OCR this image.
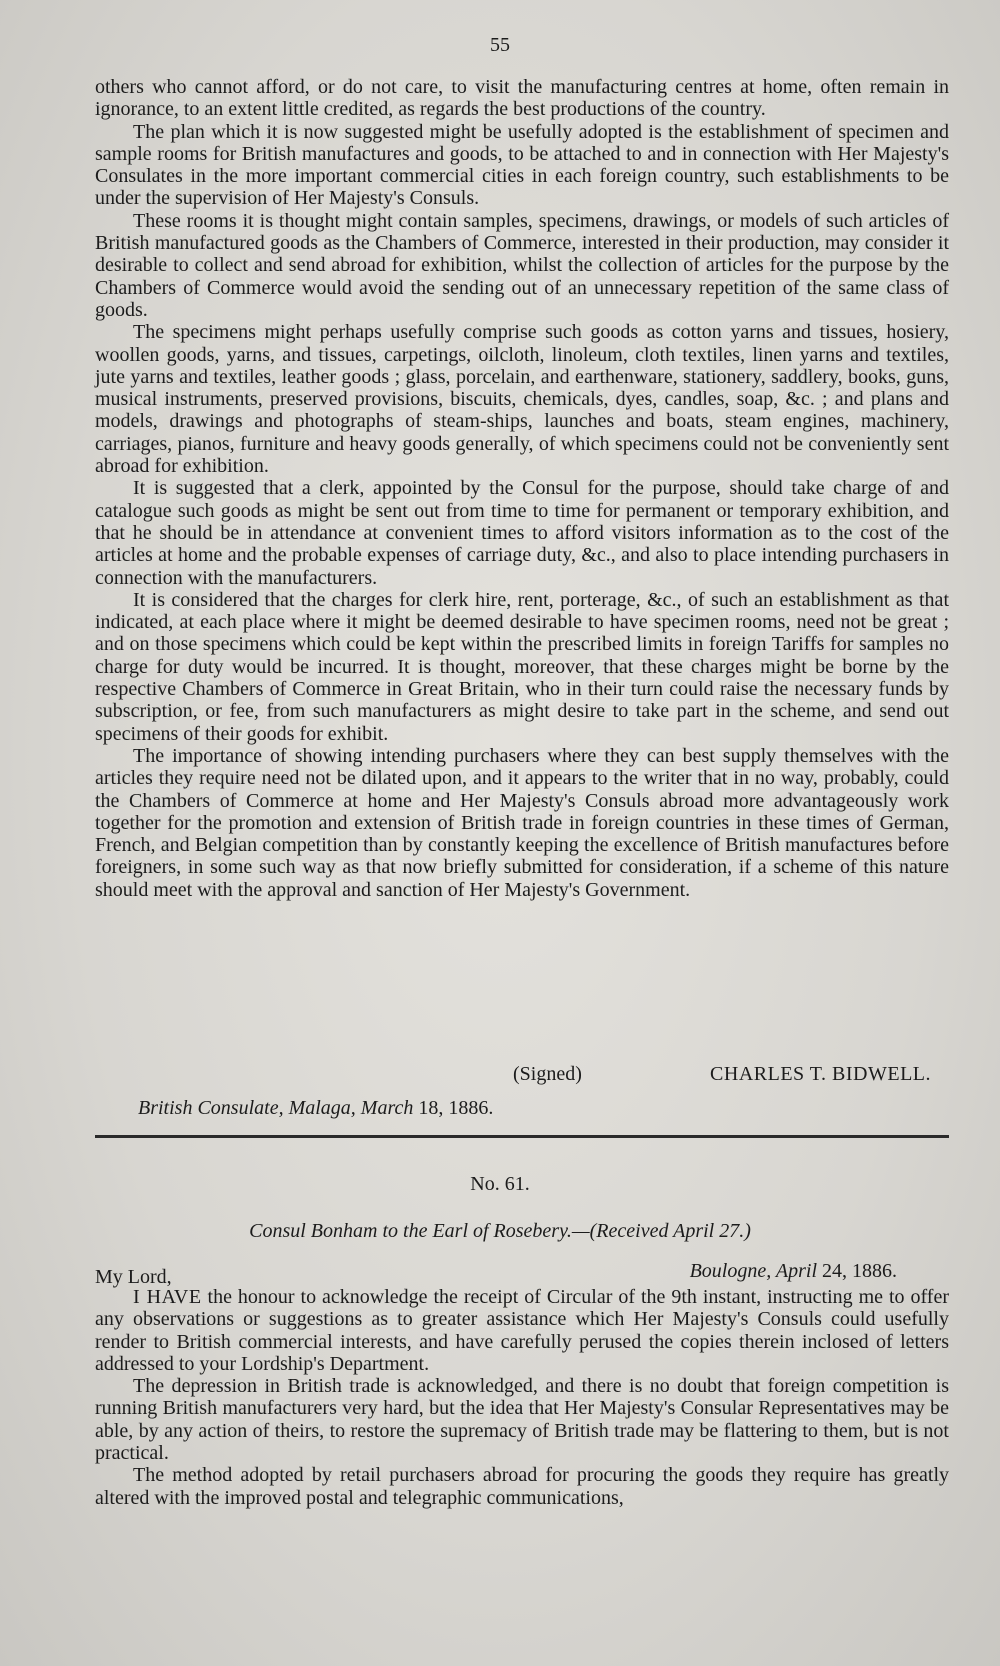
55

others who cannot afford, or do not care, to visit the manufacturing centres at home, often remain in ignorance, to an extent little credited, as regards the best productions of the country.

The plan which it is now suggested might be usefully adopted is the establishment of specimen and sample rooms for British manufactures and goods, to be attached to and in connection with Her Majesty's Consulates in the more important commercial cities in each foreign country, such establishments to be under the supervision of Her Majesty's Consuls.

These rooms it is thought might contain samples, specimens, drawings, or models of such articles of British manufactured goods as the Chambers of Commerce, interested in their production, may consider it desirable to collect and send abroad for exhibition, whilst the collection of articles for the purpose by the Chambers of Commerce would avoid the sending out of an unnecessary repetition of the same class of goods.

The specimens might perhaps usefully comprise such goods as cotton yarns and tissues, hosiery, woollen goods, yarns, and tissues, carpetings, oilcloth, linoleum, cloth textiles, linen yarns and textiles, jute yarns and textiles, leather goods ; glass, porcelain, and earthenware, stationery, saddlery, books, guns, musical instruments, preserved provisions, biscuits, chemicals, dyes, candles, soap, &c. ; and plans and models, drawings and photographs of steam-ships, launches and boats, steam engines, machinery, carriages, pianos, furniture and heavy goods generally, of which specimens could not be conveniently sent abroad for exhibition.

It is suggested that a clerk, appointed by the Consul for the purpose, should take charge of and catalogue such goods as might be sent out from time to time for permanent or temporary exhibition, and that he should be in attendance at convenient times to afford visitors information as to the cost of the articles at home and the probable expenses of carriage duty, &c., and also to place intending purchasers in connection with the manufacturers.

It is considered that the charges for clerk hire, rent, porterage, &c., of such an establishment as that indicated, at each place where it might be deemed desirable to have specimen rooms, need not be great ; and on those specimens which could be kept within the prescribed limits in foreign Tariffs for samples no charge for duty would be incurred. It is thought, moreover, that these charges might be borne by the respective Chambers of Commerce in Great Britain, who in their turn could raise the necessary funds by subscription, or fee, from such manufacturers as might desire to take part in the scheme, and send out specimens of their goods for exhibit.

The importance of showing intending purchasers where they can best supply themselves with the articles they require need not be dilated upon, and it appears to the writer that in no way, probably, could the Chambers of Commerce at home and Her Majesty's Consuls abroad more advantageously work together for the promotion and extension of British trade in foreign countries in these times of German, French, and Belgian competition than by constantly keeping the excellence of British manufactures before foreigners, in some such way as that now briefly submitted for consideration, if a scheme of this nature should meet with the approval and sanction of Her Majesty's Government.

(Signed)	CHARLES T. BIDWELL.
British Consulate, Malaga, March 18, 1886.
No. 61.
Consul Bonham to the Earl of Rosebery.—(Received April 27.)
My Lord,	Boulogne, April 24, 1886.

I HAVE the honour to acknowledge the receipt of Circular of the 9th instant, instructing me to offer any observations or suggestions as to greater assistance which Her Majesty's Consuls could usefully render to British commercial interests, and have carefully perused the copies therein inclosed of letters addressed to your Lordship's Department.

The depression in British trade is acknowledged, and there is no doubt that foreign competition is running British manufacturers very hard, but the idea that Her Majesty's Consular Representatives may be able, by any action of theirs, to restore the supremacy of British trade may be flattering to them, but is not practical.

The method adopted by retail purchasers abroad for procuring the goods they require has greatly altered with the improved postal and telegraphic communications,
